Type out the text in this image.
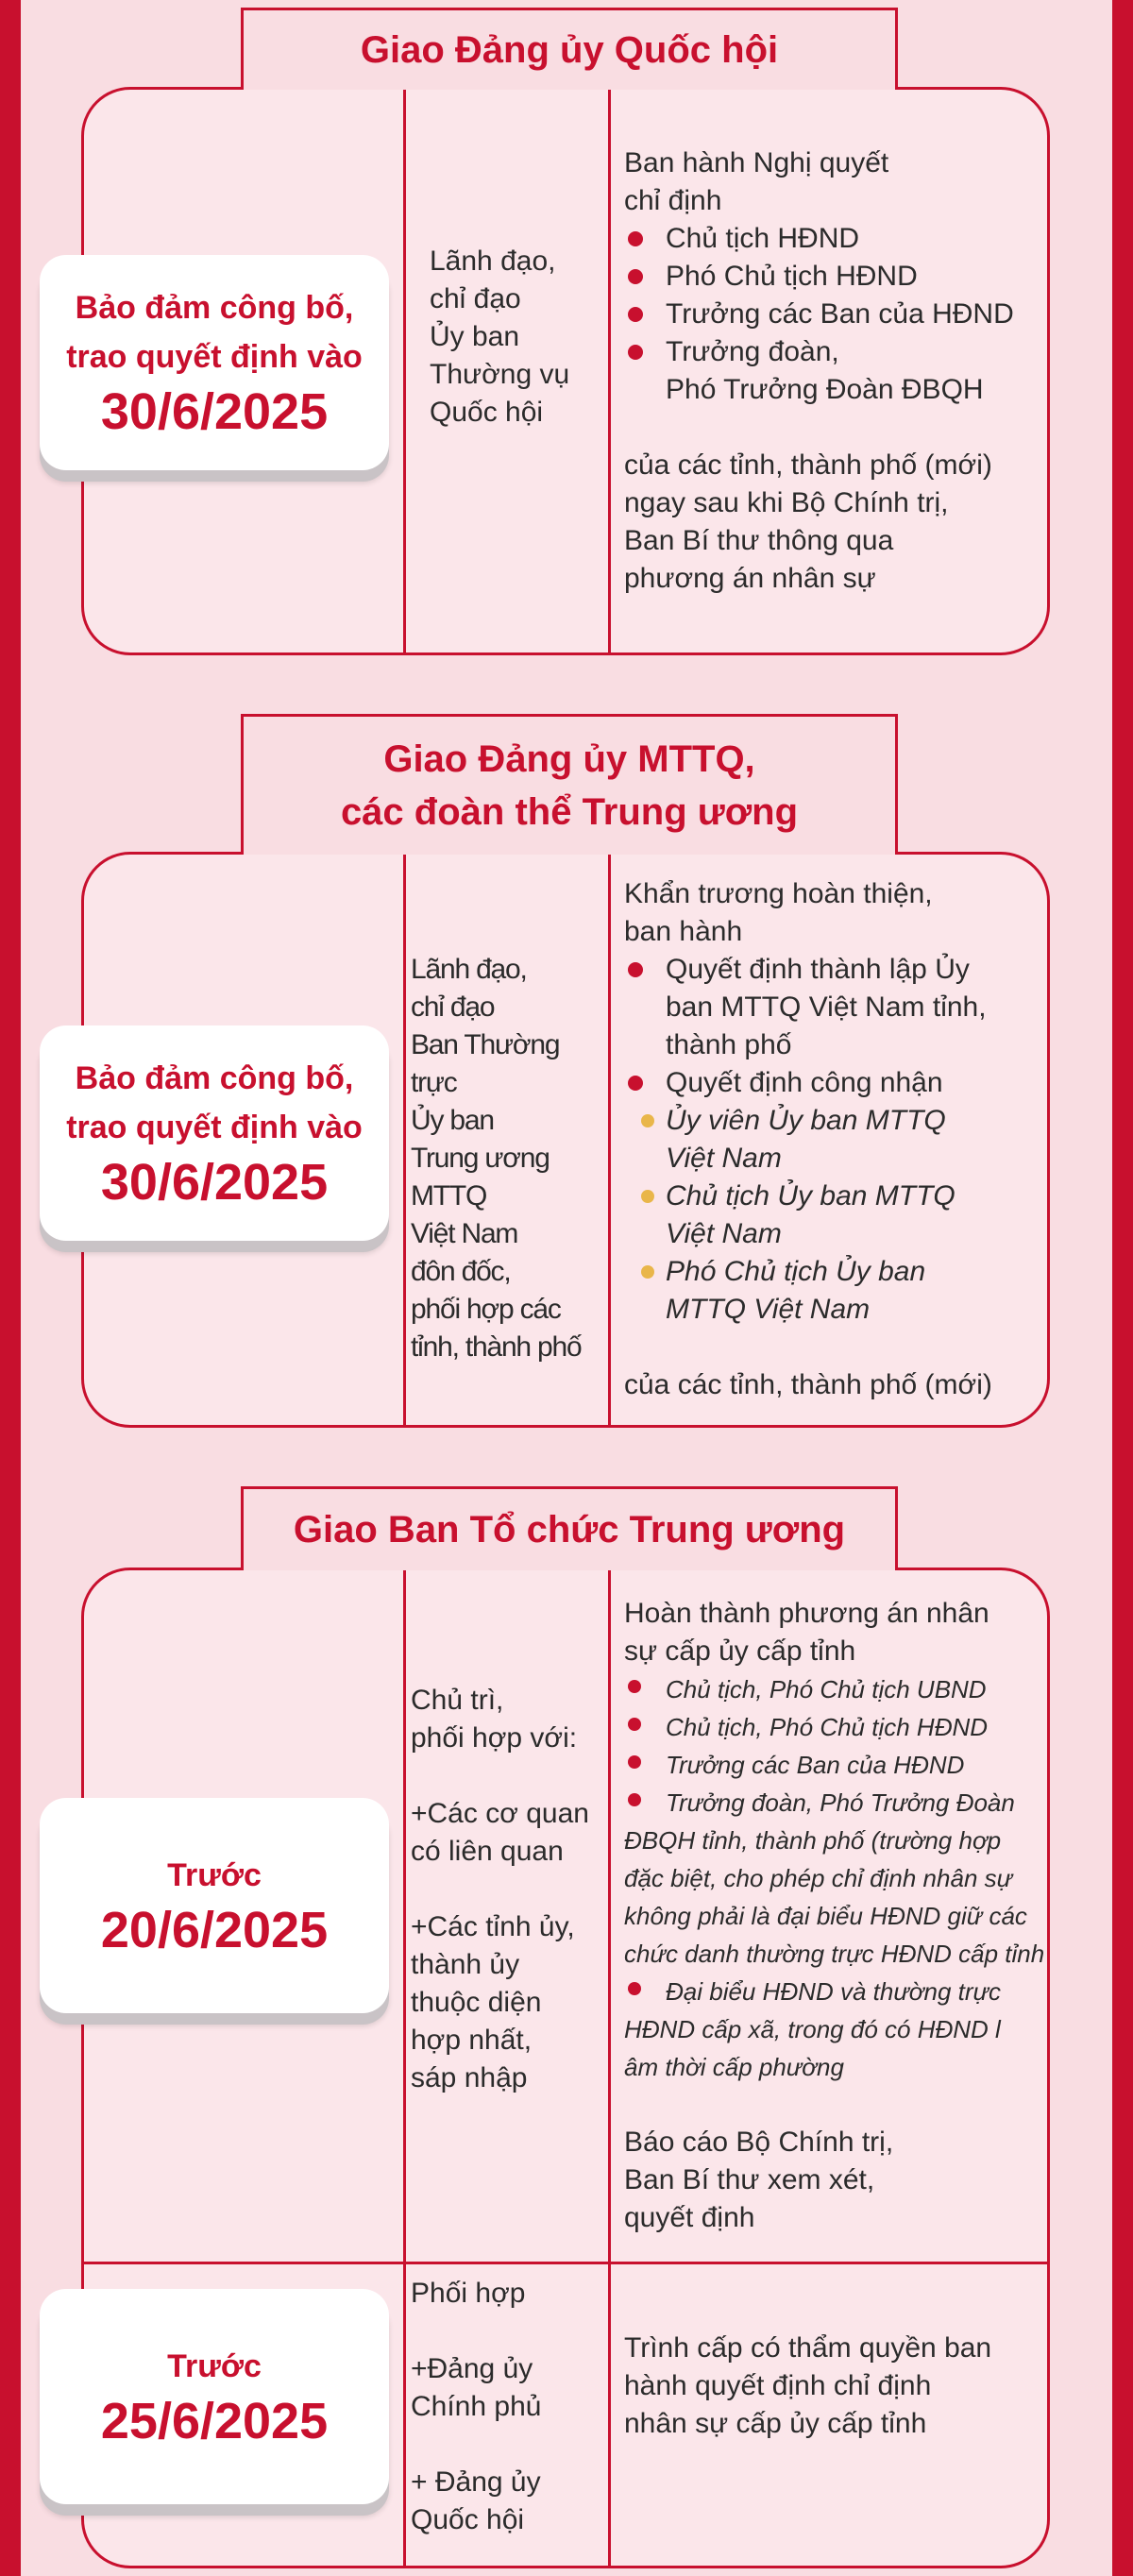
Giao Đảng ủy Quốc hội

Lãnh đạo,

chỉ đạo

Ủy ban

Thường vụ

Quốc hội

Ban hành Nghị quyết

chỉ định

Chủ tịch HĐND
Phó Chủ tịch HĐND
Trưởng các Ban của HĐND
Trưởng đoàn,
Phó Trưởng Đoàn ĐBQH

của các tỉnh, thành phố (mới)

ngay sau khi Bộ Chính trị,

Ban Bí thư thông qua

phương án nhân sự

Bảo đảm công bố,
trao quyết định vào
30/6/2025
Giao Đảng ủy MTTQ,
các đoàn thể Trung ương

Lãnh đạo,

chỉ đạo

Ban Thường trực

Ủy ban

Trung ương MTTQ

Việt Nam

đôn đốc,

phối hợp các

tỉnh, thành phố

Khẩn trương hoàn thiện,

ban hành

Quyết định thành lập Ủy
ban MTTQ Việt Nam tỉnh,
thành phố
Quyết định công nhận
Ủy viên Ủy ban MTTQ
Việt Nam
Chủ tịch Ủy ban MTTQ
Việt Nam
Phó Chủ tịch Ủy ban
MTTQ Việt Nam

của các tỉnh, thành phố (mới)

Bảo đảm công bố,
trao quyết định vào
30/6/2025
Giao Ban Tổ chức Trung ương

Chủ trì,

phối hợp với:

+Các cơ quan

có liên quan

+Các tỉnh ủy,

thành ủy

thuộc diện

hợp nhất,

sáp nhập

Hoàn thành phương án nhân

sự cấp ủy cấp tỉnh

Chủ tịch, Phó Chủ tịch UBND
Chủ tịch, Phó Chủ tịch HĐND
Trưởng các Ban của HĐND
Trưởng đoàn, Phó Trưởng Đoàn

ĐBQH tỉnh, thành phố (trường hợp

đặc biệt, cho phép chỉ định nhân sự

không phải là đại biểu HĐND giữ các

chức danh thường trực HĐND cấp tỉnh

Đại biểu HĐND và thường trực

HĐND cấp xã, trong đó có HĐND l

âm thời cấp phường

Báo cáo Bộ Chính trị,

Ban Bí thư xem xét,

quyết định

Phối hợp

+Đảng ủy

Chính phủ

+ Đảng ủy

Quốc hội

Trình cấp có thẩm quyền ban

hành quyết định chỉ định

nhân sự cấp ủy cấp tỉnh

Trước
20/6/2025
Trước
25/6/2025
